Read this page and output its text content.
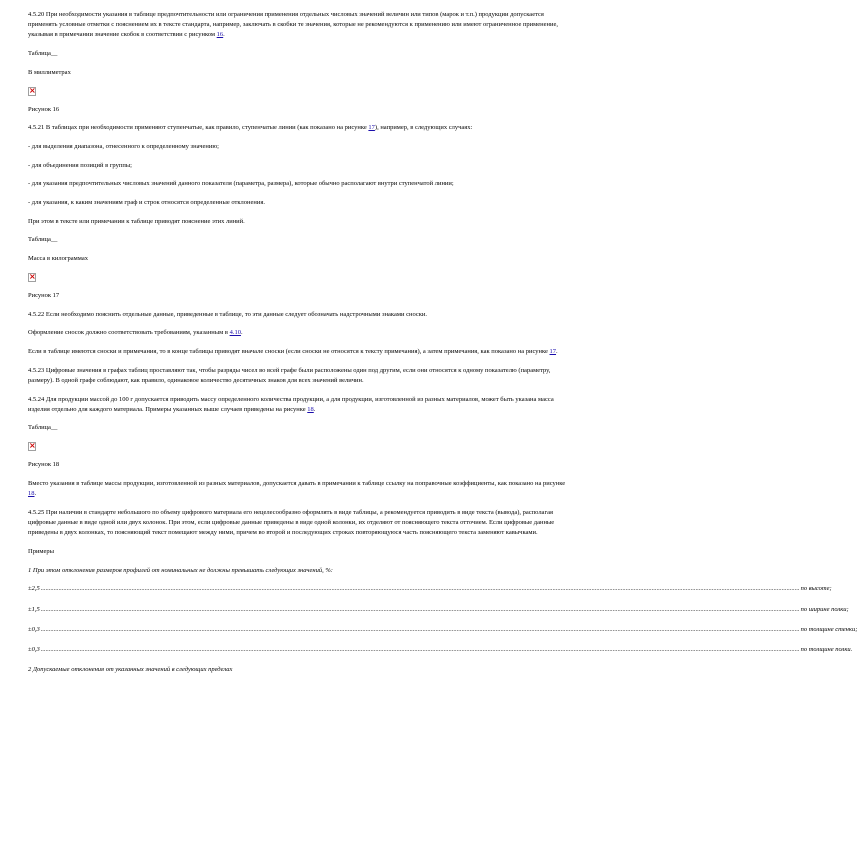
4.5.20 При необходимости указания в таблице предпочтительности или ограничения применения отдельных числовых значений величин или типов (марок и т.п.) продукции допускается применять условные отметки с пояснением их в тексте стандарта, например, заключать в скобки те значения, которые не рекомендуются к применению или имеют ограниченное применение, указывая в примечании значение скобок в соответствии с рисунком 16.

Таблица__

В миллиметрах

×

Рисунок 16

4.5.21 В таблицах при необходимости применяют ступенчатые, как правило, ступенчатые линии (как показано на рисунке 17), например, в следующих случаях:

- для выделения диапазона, отнесенного к определенному значению;

- для объединения позиций в группы;

- для указания предпочтительных числовых значений данного показателя (параметра, размера), которые обычно располагают внутри ступенчатой линии;

- для указания, к каким значениям граф и строк относятся определенные отклонения.

При этом в тексте или примечании к таблице приводят пояснение этих линий.

Таблица__

Масса в килограммах

×

Рисунок 17

4.5.22 Если необходимо пояснить отдельные данные, приведенные в таблице, то эти данные следует обозначать надстрочными знаками сноски.

Оформление сносок должно соответствовать требованиям, указанным в 4.10.

Если в таблице имеются сноски и примечания, то в конце таблицы приводят вначале сноски (если сноски не относятся к тексту примечания), а затем примечания, как показано на рисунке 17.

4.5.23 Цифровые значения в графах таблиц проставляют так, чтобы разряды чисел во всей графе были расположены один под другим, если они относятся к одному показателю (параметру, размеру). В одной графе соблюдают, как правило, одинаковое количество десятичных знаков для всех значений величин.

4.5.24 Для продукции массой до 100 г допускается приводить массу определенного количества продукции, а для продукции, изготовленной из разных материалов, может быть указана масса изделия отдельно для каждого материала. Примеры указанных выше случаев приведены на рисунке 18.

Таблица__

×

Рисунок 18

Вместо указания в таблице массы продукции, изготовленной из разных материалов, допускается давать в примечании к таблице ссылку на поправочные коэффициенты, как показано на рисунке 18.

4.5.25 При наличии в стандарте небольшого по объему цифрового материала его нецелесообразно оформлять в виде таблицы, а рекомендуется приводить в виде текста (вывода), располагая цифровые данные в виде одной или двух колонок. При этом, если цифровые данные приведены в виде одной колонки, их отделяют от поясняющего текста отточием. Если цифровые данные приведены в двух колонках, то поясняющий текст помещают между ними, причем во второй и последующих строках повторяющуюся часть поясняющего текста заменяют кавычками.

Примеры

1 При этом отклонения размеров профилей от номинальных не должны превышать следующих значений, %:

±2,5 ................................................................................................................................................................................................................................................................................................................................................................................................................................................................................... по высоте;
±1,5 ................................................................................................................................................................................................................................................................................................................................................................................................................................................................................... по ширине полки;
±0,3 ................................................................................................................................................................................................................................................................................................................................................................................................................................................................................... по толщине стенки;
±0,3 ................................................................................................................................................................................................................................................................................................................................................................................................................................................................................... по толщине полки.

2 Допускаемые отклонения от указанных значений в следующих пределах
